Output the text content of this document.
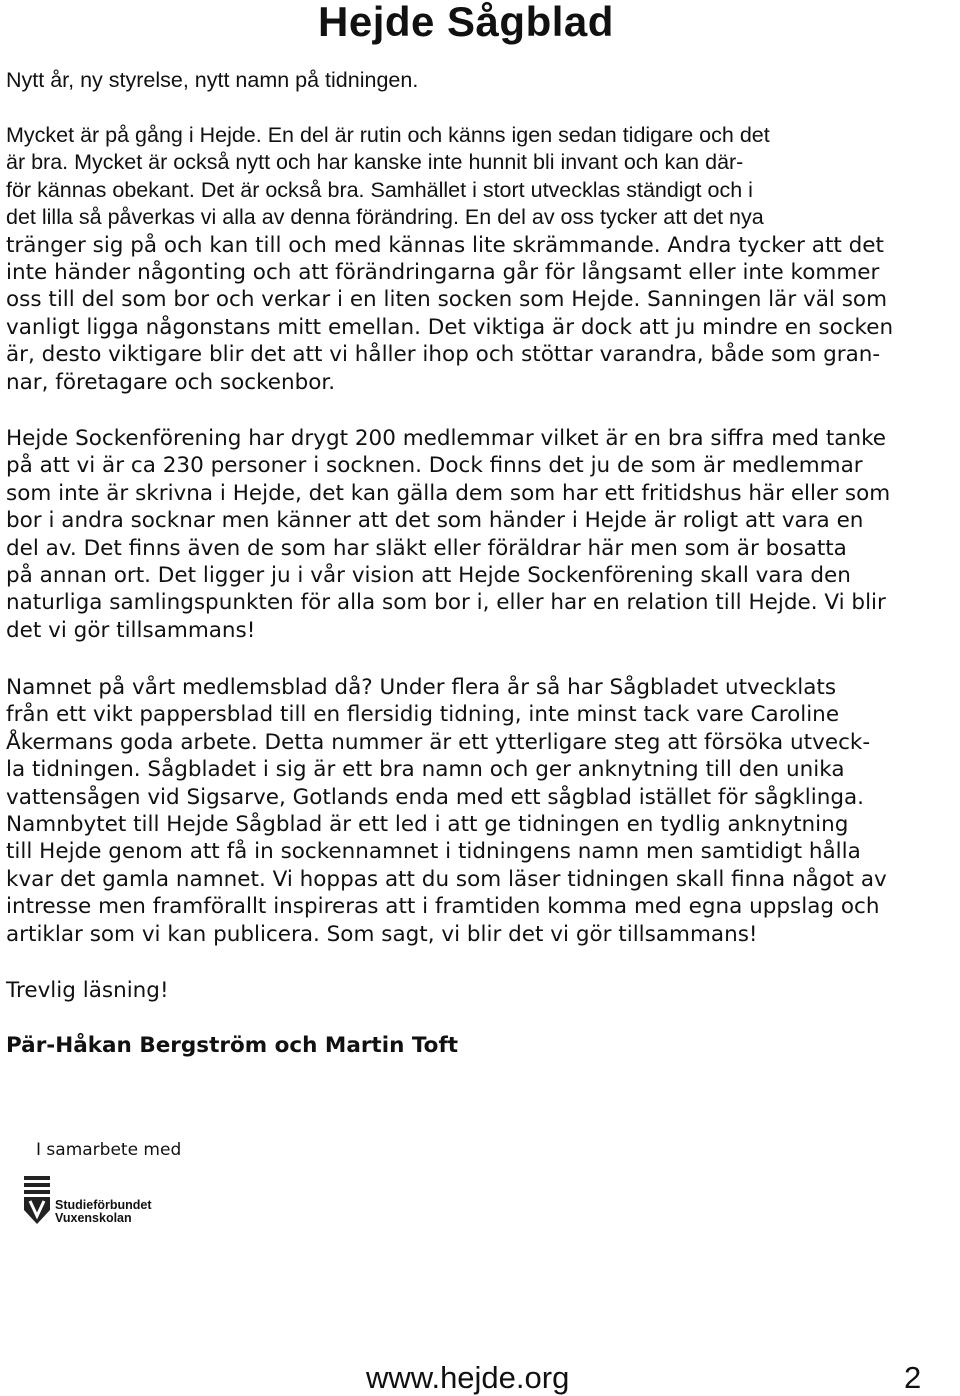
Hejde Sågblad

Nytt år, ny styrelse, nytt namn på tidningen.

Mycket är på gång i Hejde. En del är rutin och känns igen sedan tidigare och det
är bra. Mycket är också nytt och har kanske inte hunnit bli invant och kan där-
för kännas obekant. Det är också bra. Samhället i stort utvecklas ständigt och i
det lilla så påverkas vi alla av denna förändring. En del av oss tycker att det nya
tränger sig på och kan till och med kännas lite skrämmande. Andra tycker att det
inte händer någonting och att förändringarna går för långsamt eller inte kommer
oss till del som bor och verkar i en liten socken som Hejde. Sanningen lär väl som
vanligt ligga någonstans mitt emellan. Det viktiga är dock att ju mindre en socken
är, desto viktigare blir det att vi håller ihop och stöttar varandra, både som gran-
nar, företagare och sockenbor.
Hejde Sockenförening har drygt 200 medlemmar vilket är en bra siffra med tanke
på att vi är ca 230 personer i socknen. Dock finns det ju de som är medlemmar
som inte är skrivna i Hejde, det kan gälla dem som har ett fritidshus här eller som
bor i andra socknar men känner att det som händer i Hejde är roligt att vara en
del av. Det finns även de som har släkt eller föräldrar här men som är bosatta
på annan ort. Det ligger ju i vår vision att Hejde Sockenförening skall vara den
naturliga samlingspunkten för alla som bor i, eller har en relation till Hejde. Vi blir
det vi gör tillsammans!
Namnet på vårt medlemsblad då? Under flera år så har Sågbladet utvecklats
från ett vikt pappersblad till en flersidig tidning, inte minst tack vare Caroline
Åkermans goda arbete. Detta nummer är ett ytterligare steg att försöka utveck-
la tidningen. Sågbladet i sig är ett bra namn och ger anknytning till den unika
vattensågen vid Sigsarve, Gotlands enda med ett sågblad istället för sågklinga.
Namnbytet till Hejde Sågblad är ett led i att ge tidningen en tydlig anknytning
till Hejde genom att få in sockennamnet i tidningens namn men samtidigt hålla
kvar det gamla namnet. Vi hoppas att du som läser tidningen skall finna något av
intresse men framförallt inspireras att i framtiden komma med egna uppslag och
artiklar som vi kan publicera. Som sagt, vi blir det vi gör tillsammans!

Trevlig läsning!

Pär-Håkan Bergström och Martin Toft

I samarbete med

Studieförbundet
Vuxenskolan

www.hejde.org	2
